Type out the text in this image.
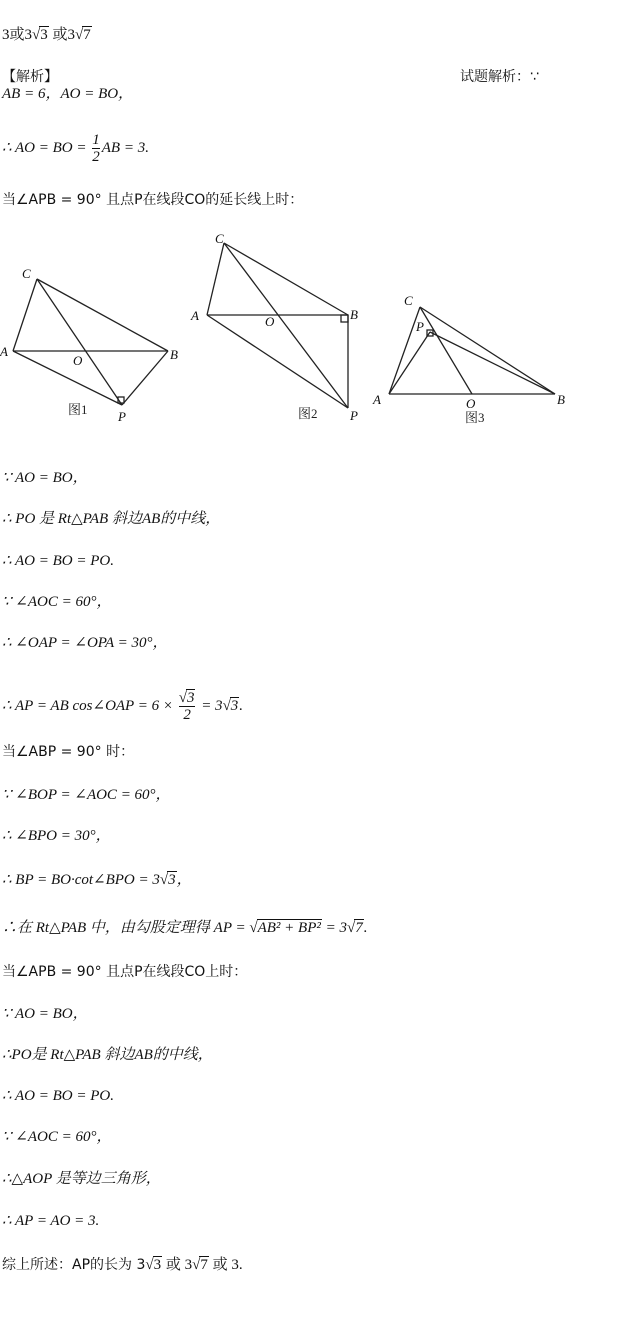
3或3√3 或3√7
【解析】	试题解析：∵
AB = 6，AO = BO，
∴ AO = BO = $\frac{1}{2}$ AB = 3.
当∠APB = 90° 且点P在线段CO的延长线上时：
C
A
O	B
P
C
A	O	B
P
C
P
A	O	B
图1	图2	图3
∵ AO = BO，
∴ PO 是 Rt△PAB 斜边AB的中线，
∴ AO = BO = PO.
∵ ∠AOC = 60°，
∴ ∠OAP = ∠OPA = 30°，
∴ AP = AB cos∠OAP = $6 \times \frac{√3}{2} = 3√3$.
当∠ABP = 90° 时：
∵ ∠BOP = ∠AOC = 60°，
∴ ∠BPO = 30°，
∴ BP = BO·cot∠BPO = 3√3，
∴在 Rt△PAB 中，由勾股定理得 AP = √AB² + BP² = 3√7.
当∠APB = 90° 且点P在线段CO上时：
∵ AO = BO，
∴PO是 Rt△PAB 斜边AB的中线，
∴ AO = BO = PO.
∵ ∠AOC = 60°，
∴△AOP 是等边三角形，
∴ AP = AO = 3.
综上所述：AP的长为 3√3 或 3√7 或 3.
